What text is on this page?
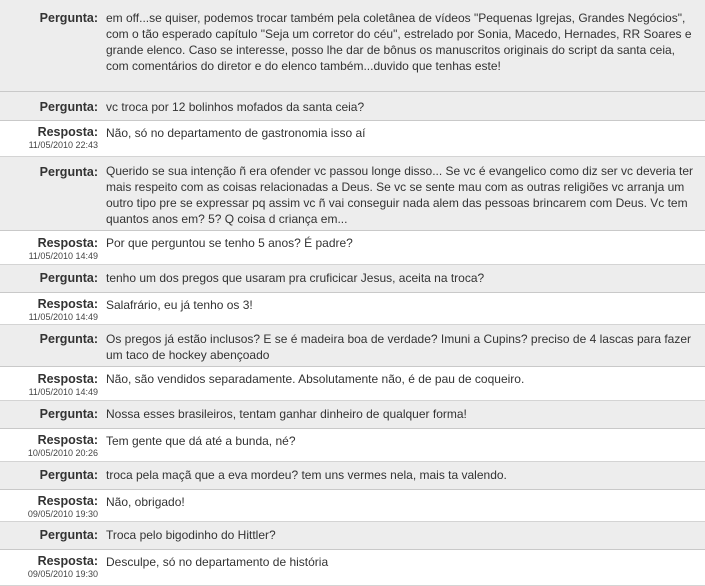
Pergunta: em off...se quiser, podemos trocar também pela coletânea de vídeos "Pequenas Igrejas, Grandes Negócios", com o tão esperado capítulo "Seja um corretor do céu", estrelado por Sonia, Macedo, Hernades, RR Soares e grande elenco. Caso se interesse, posso lhe dar de bônus os manuscritos originais do script da santa ceia, com comentários do diretor e do elenco também...duvido que tenhas este!
Pergunta: vc troca por 12 bolinhos mofados da santa ceia?
Resposta:
11/05/2010 22:43
Não, só no departamento de gastronomia isso aí
Pergunta: Querido se sua intenção ñ era ofender vc passou longe disso... Se vc é evangelico como diz ser vc deveria ter mais respeito com as coisas relacionadas a Deus. Se vc se sente mau com as outras religiões vc arranja um outro tipo pre se expressar pq assim vc ñ vai conseguir nada alem das pessoas brincarem com Deus. Vc tem quantos anos em? 5? Q coisa d criança em...
Resposta:
11/05/2010 14:49
Por que perguntou se tenho 5 anos? É padre?
Pergunta: tenho um dos pregos que usaram pra cruficicar Jesus, aceita na troca?
Resposta:
11/05/2010 14:49
Salafrário, eu já tenho os 3!
Pergunta: Os pregos já estão inclusos? E se é madeira boa de verdade? Imuni a Cupins? preciso de 4 lascas para fazer um taco de hockey abençoado
Resposta:
11/05/2010 14:49
Não, são vendidos separadamente. Absolutamente não, é de pau de coqueiro.
Pergunta: Nossa esses brasileiros, tentam ganhar dinheiro de qualquer forma!
Resposta:
10/05/2010 20:26
Tem gente que dá até a bunda, né?
Pergunta: troca pela maçã que a eva mordeu? tem uns vermes nela, mais ta valendo.
Resposta:
09/05/2010 19:30
Não, obrigado!
Pergunta: Troca pelo bigodinho do Hittler?
Resposta:
09/05/2010 19:30
Desculpe, só no departamento de história
